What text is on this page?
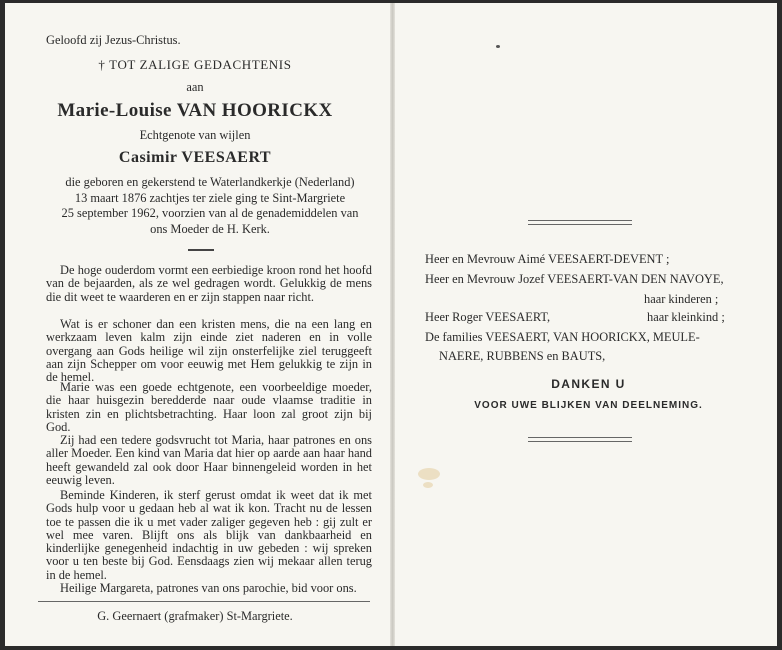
Geloofd zij Jezus-Christus.

† TOT ZALIGE GEDACHTENIS

aan

Marie-Louise VAN HOORICKX

Echtgenote van wijlen

Casimir VEESAERT

die geboren en gekerstend te Waterlandkerkje (Nederland)
13 maart 1876 zachtjes ter ziele ging te Sint-Margriete
25 september 1962, voorzien van al de genademiddelen van
ons Moeder de H. Kerk.

De hoge ouderdom vormt een eerbiedige kroon rond het hoofd van de bejaarden, als ze wel gedragen wordt. Gelukkig de mens die dit weet te waarderen en er zijn stappen naar richt.

Wat is er schoner dan een kristen mens, die na een lang en werkzaam leven kalm zijn einde ziet naderen en in volle overgang aan Gods heilige wil zijn onsterfelijke ziel teruggeeft aan zijn Schepper om voor eeuwig met Hem gelukkig te zijn in de hemel.

Marie was een goede echtgenote, een voorbeeldige moeder, die haar huisgezin beredderde naar oude vlaamse traditie in kristen zin en plichtsbetrachting. Haar loon zal groot zijn bij God.

Zij had een tedere godsvrucht tot Maria, haar patrones en ons aller Moeder. Een kind van Maria dat hier op aarde aan haar hand heeft gewandeld zal ook door Haar binnengeleid worden in het eeuwig leven.

Beminde Kinderen, ik sterf gerust omdat ik weet dat ik met Gods hulp voor u gedaan heb al wat ik kon. Tracht nu de lessen toe te passen die ik u met vader zaliger gegeven heb : gij zult er wel mee varen. Blijft ons als blijk van dankbaarheid en kinderlijke genegenheid indachtig in uw gebeden : wij spreken voor u ten beste bij God. Eensdaags zien wij mekaar allen terug in de hemel.

Heilige Margareta, patrones van ons parochie, bid voor ons.

G. Geernaert (grafmaker) St-Margriete.

Heer en Mevrouw Aimé VEESAERT-DEVENT ;

Heer en Mevrouw Jozef VEESAERT-VAN DEN NAVOYE,

haar kinderen ;

Heer Roger VEESAERT,	haar kleinkind ;

De families VEESAERT, VAN HOORICKX, MEULE-

NAERE, RUBBENS en BAUTS,

DANKEN U

VOOR UWE BLIJKEN VAN DEELNEMING.
